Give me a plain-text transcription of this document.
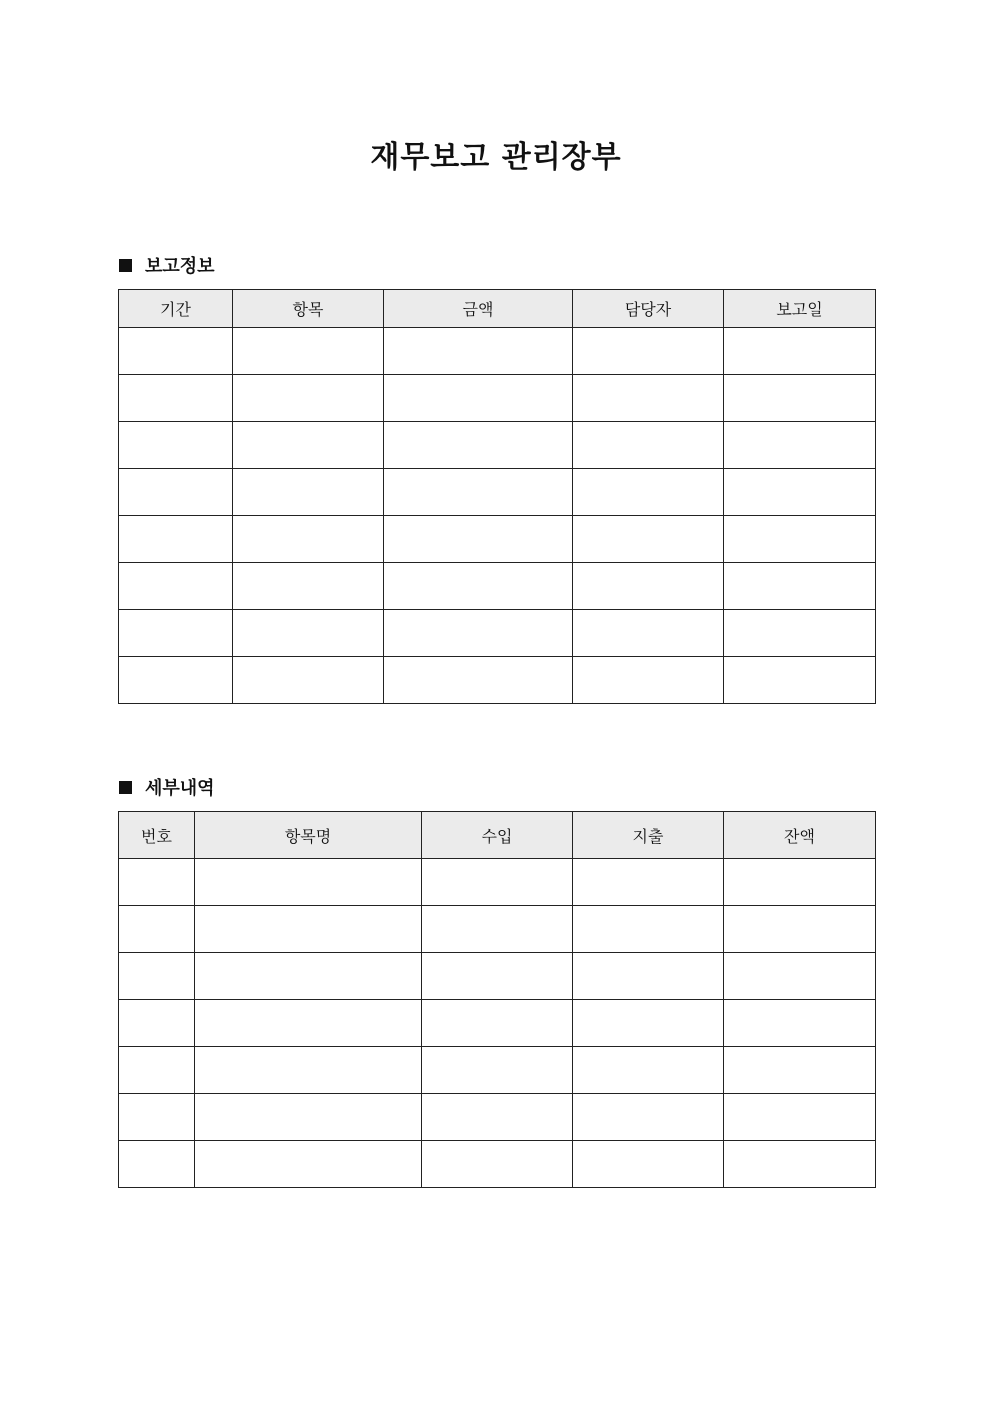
재무보고 관리장부
보고정보
기간	항목	금액	담당자	보고일

세부내역
번호	항목명	수입	지출	잔액
